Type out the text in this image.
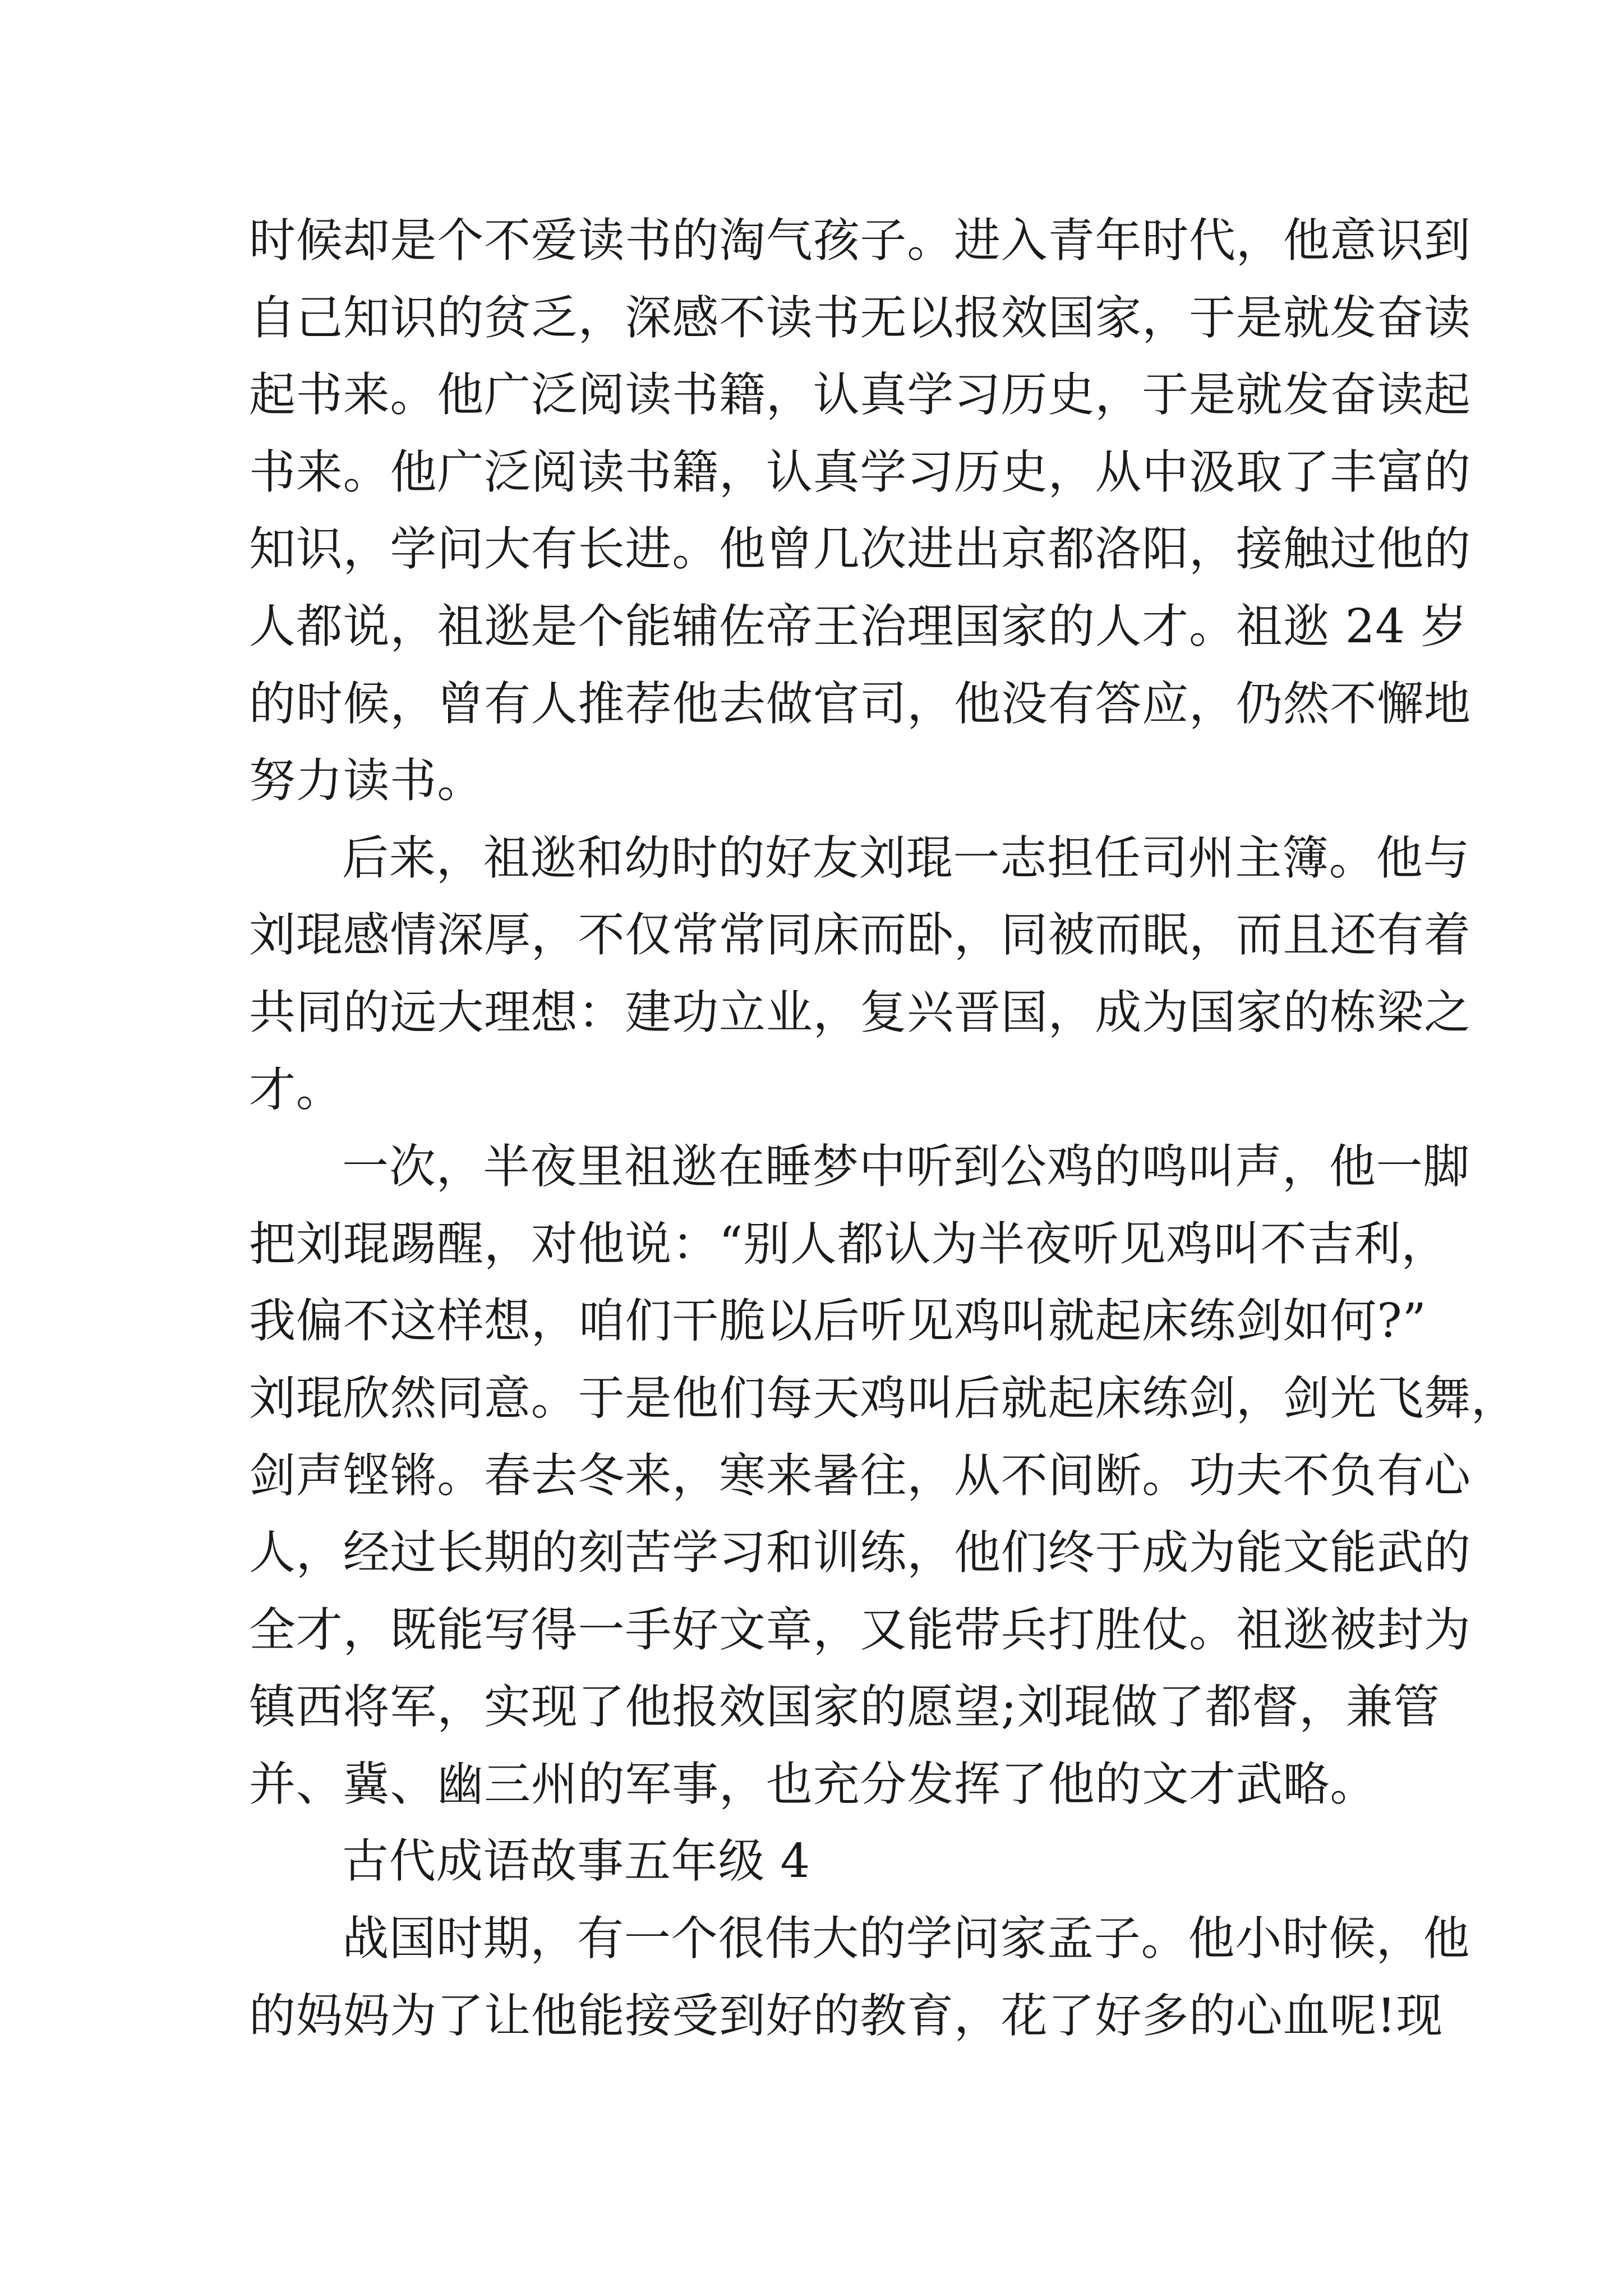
时候却是个不爱读书的淘气孩子。进入青年时代，他意识到
自己知识的贫乏，深感不读书无以报效国家，于是就发奋读
起书来。他广泛阅读书籍，认真学习历史，于是就发奋读起
书来。他广泛阅读书籍，认真学习历史，从中汲取了丰富的
知识，学问大有长进。他曾几次进出京都洛阳，接触过他的
人都说，祖逖是个能辅佐帝王治理国家的人才。祖逖 24 岁
的时候，曾有人推荐他去做官司，他没有答应，仍然不懈地
努力读书。
后来，祖逖和幼时的好友刘琨一志担任司州主簿。他与
刘琨感情深厚，不仅常常同床而卧，同被而眠，而且还有着
共同的远大理想：建功立业，复兴晋国，成为国家的栋梁之
才。
一次，半夜里祖逖在睡梦中听到公鸡的鸣叫声，他一脚
把刘琨踢醒，对他说：“别人都认为半夜听见鸡叫不吉利，
我偏不这样想，咱们干脆以后听见鸡叫就起床练剑如何?”
刘琨欣然同意。于是他们每天鸡叫后就起床练剑，剑光飞舞，
剑声铿锵。春去冬来，寒来暑往，从不间断。功夫不负有心
人，经过长期的刻苦学习和训练，他们终于成为能文能武的
全才，既能写得一手好文章，又能带兵打胜仗。祖逖被封为
镇西将军，实现了他报效国家的愿望;刘琨做了都督，兼管
并、冀、幽三州的军事，也充分发挥了他的文才武略。
古代成语故事五年级 4
战国时期，有一个很伟大的学问家孟子。他小时候，他
的妈妈为了让他能接受到好的教育，花了好多的心血呢!现
